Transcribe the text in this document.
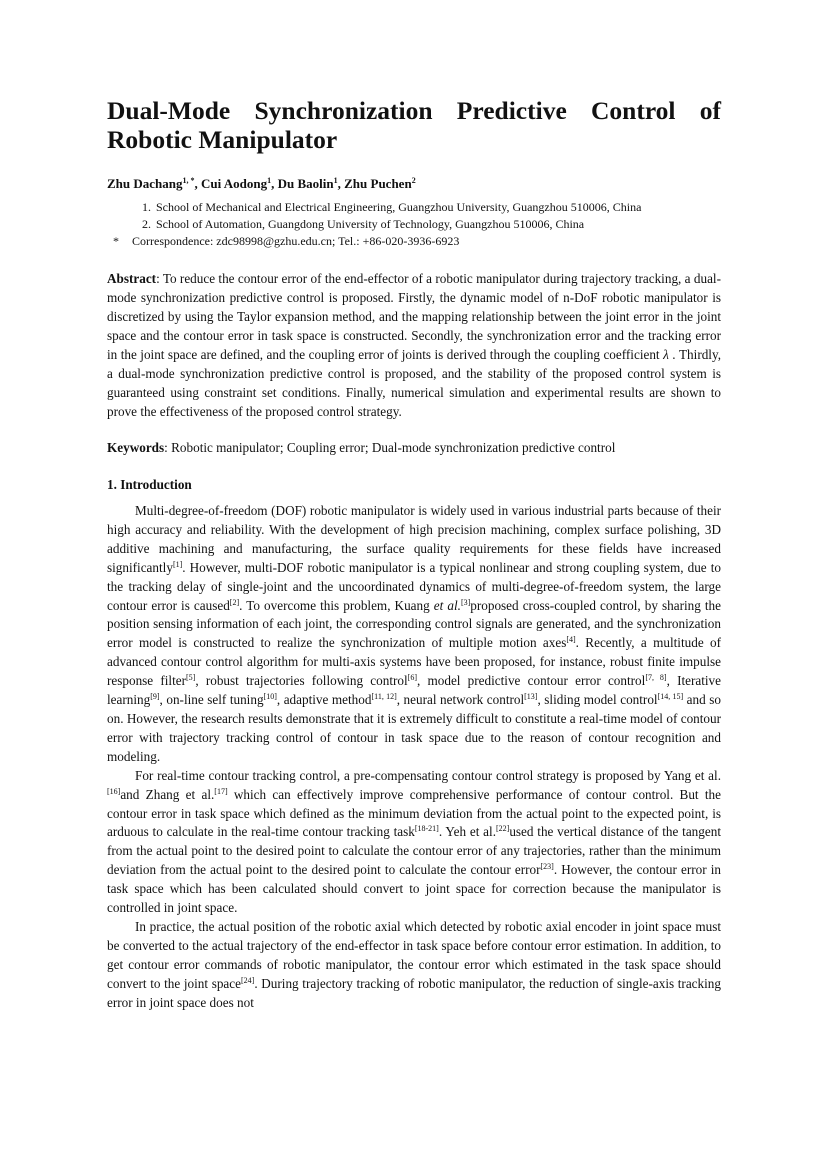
Dual-Mode Synchronization Predictive Control of Robotic Manipulator
Zhu Dachang$^{1, *}$, Cui Aodong$^1$, Du Baolin$^1$, Zhu Puchen$^2$
1. School of Mechanical and Electrical Engineering, Guangzhou University, Guangzhou 510006, China
2. School of Automation, Guangdong University of Technology, Guangzhou 510006, China
*	Correspondence: zdc98998@gzhu.edu.cn; Tel.: +86-020-3936-6923
Abstract: To reduce the contour error of the end-effector of a robotic manipulator during trajectory tracking, a dual-mode synchronization predictive control is proposed. Firstly, the dynamic model of n-DoF robotic manipulator is discretized by using the Taylor expansion method, and the mapping relationship between the joint error in the joint space and the contour error in task space is constructed. Secondly, the synchronization error and the tracking error in the joint space are defined, and the coupling error of joints is derived through the coupling coefficient λ . Thirdly, a dual-mode synchronization predictive control is proposed, and the stability of the proposed control system is guaranteed using constraint set conditions. Finally, numerical simulation and experimental results are shown to prove the effectiveness of the proposed control strategy.
Keywords: Robotic manipulator; Coupling error; Dual-mode synchronization predictive control
1. Introduction

Multi-degree-of-freedom (DOF) robotic manipulator is widely used in various industrial parts because of their high accuracy and reliability. With the development of high precision machining, complex surface polishing, 3D additive machining and manufacturing, the surface quality requirements for these fields have increased significantly[1]. However, multi-DOF robotic manipulator is a typical nonlinear and strong coupling system, due to the tracking delay of single-joint and the uncoordinated dynamics of multi-degree-of-freedom system, the large contour error is caused[2]. To overcome this problem, Kuang et al.[3]proposed cross-coupled control, by sharing the position sensing information of each joint, the corresponding control signals are generated, and the synchronization error model is constructed to realize the synchronization of multiple motion axes[4]. Recently, a multitude of advanced contour control algorithm for multi-axis systems have been proposed, for instance, robust finite impulse response filter[5], robust trajectories following control[6], model predictive contour error control[7, 8], Iterative learning[9], on-line self tuning[10], adaptive method[11, 12], neural network control[13], sliding model control[14, 15] and so on. However, the research results demonstrate that it is extremely difficult to constitute a real-time model of contour error with trajectory tracking control of contour in task space due to the reason of contour recognition and modeling.

For real-time contour tracking control, a pre-compensating contour control strategy is proposed by Yang et al.[16]and Zhang et al.[17] which can effectively improve comprehensive performance of contour control. But the contour error in task space which defined as the minimum deviation from the actual point to the expected point, is arduous to calculate in the real-time contour tracking task[18-21]. Yeh et al.[22]used the vertical distance of the tangent from the actual point to the desired point to calculate the contour error of any trajectories, rather than the minimum deviation from the actual point to the desired point to calculate the contour error[23]. However, the contour error in task space which has been calculated should convert to joint space for correction because the manipulator is controlled in joint space.

In practice, the actual position of the robotic axial which detected by robotic axial encoder in joint space must be converted to the actual trajectory of the end-effector in task space before contour error estimation. In addition, to get contour error commands of robotic manipulator, the contour error which estimated in the task space should convert to the joint space[24]. During trajectory tracking of robotic manipulator, the reduction of single-axis tracking error in joint space does not
